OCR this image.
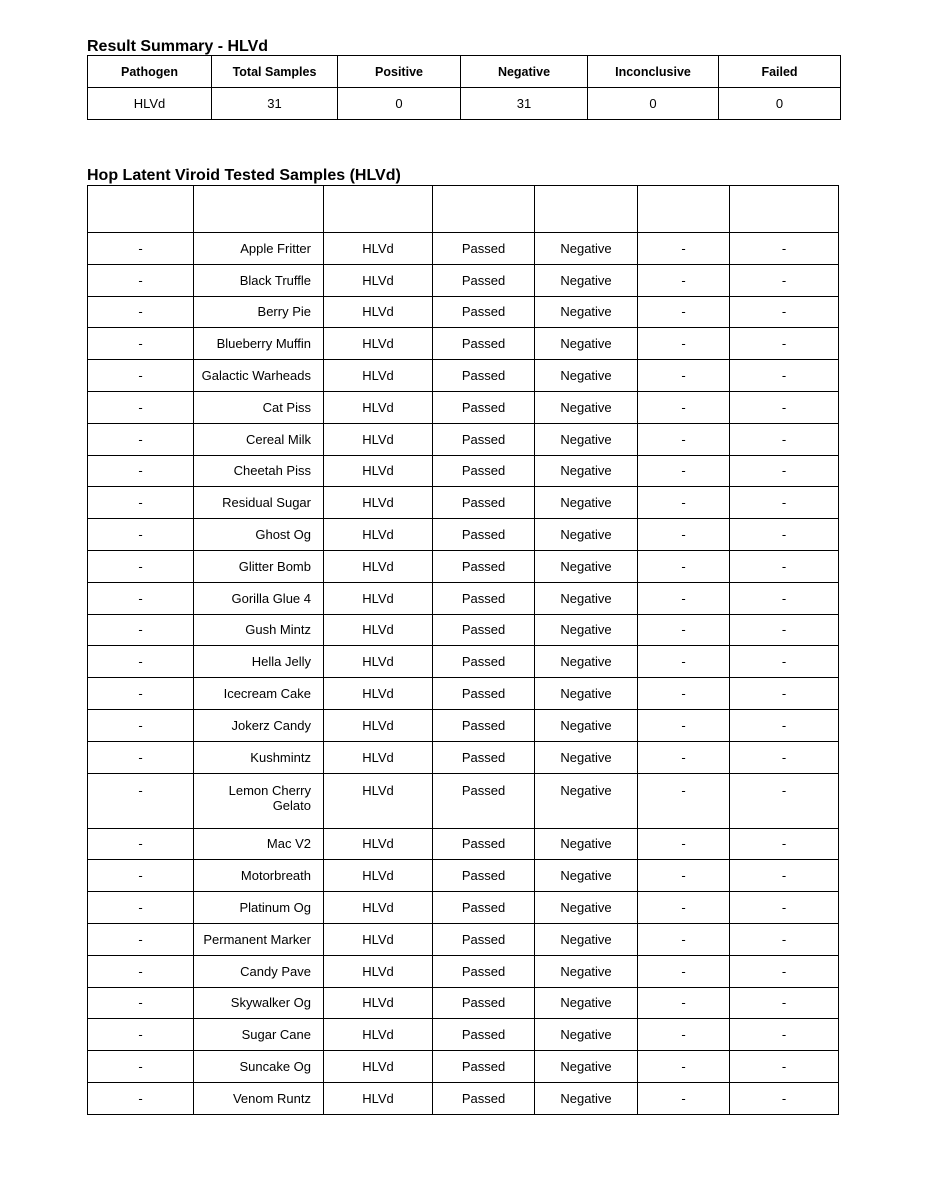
Result Summary - HLVd
Pathogen	Total Samples	Positive	Negative	Inconclusive	Failed
HLVd	31	0	31	0	0
Hop Latent Viroid Tested Samples (HLVd)

-	Apple Fritter	HLVd	Passed	Negative	-	-
-	Black Truffle	HLVd	Passed	Negative	-	-
-	Berry Pie	HLVd	Passed	Negative	-	-
-	Blueberry Muffin	HLVd	Passed	Negative	-	-
-	Galactic Warheads	HLVd	Passed	Negative	-	-
-	Cat Piss	HLVd	Passed	Negative	-	-
-	Cereal Milk	HLVd	Passed	Negative	-	-
-	Cheetah Piss	HLVd	Passed	Negative	-	-
-	Residual Sugar	HLVd	Passed	Negative	-	-
-	Ghost Og	HLVd	Passed	Negative	-	-
-	Glitter Bomb	HLVd	Passed	Negative	-	-
-	Gorilla Glue 4	HLVd	Passed	Negative	-	-
-	Gush Mintz	HLVd	Passed	Negative	-	-
-	Hella Jelly	HLVd	Passed	Negative	-	-
-	Icecream Cake	HLVd	Passed	Negative	-	-
-	Jokerz Candy	HLVd	Passed	Negative	-	-
-	Kushmintz	HLVd	Passed	Negative	-	-
-	Lemon Cherry Gelato	HLVd	Passed	Negative	-	-
-	Mac V2	HLVd	Passed	Negative	-	-
-	Motorbreath	HLVd	Passed	Negative	-	-
-	Platinum Og	HLVd	Passed	Negative	-	-
-	Permanent Marker	HLVd	Passed	Negative	-	-
-	Candy Pave	HLVd	Passed	Negative	-	-
-	Skywalker Og	HLVd	Passed	Negative	-	-
-	Sugar Cane	HLVd	Passed	Negative	-	-
-	Suncake Og	HLVd	Passed	Negative	-	-
-	Venom Runtz	HLVd	Passed	Negative	-	-
